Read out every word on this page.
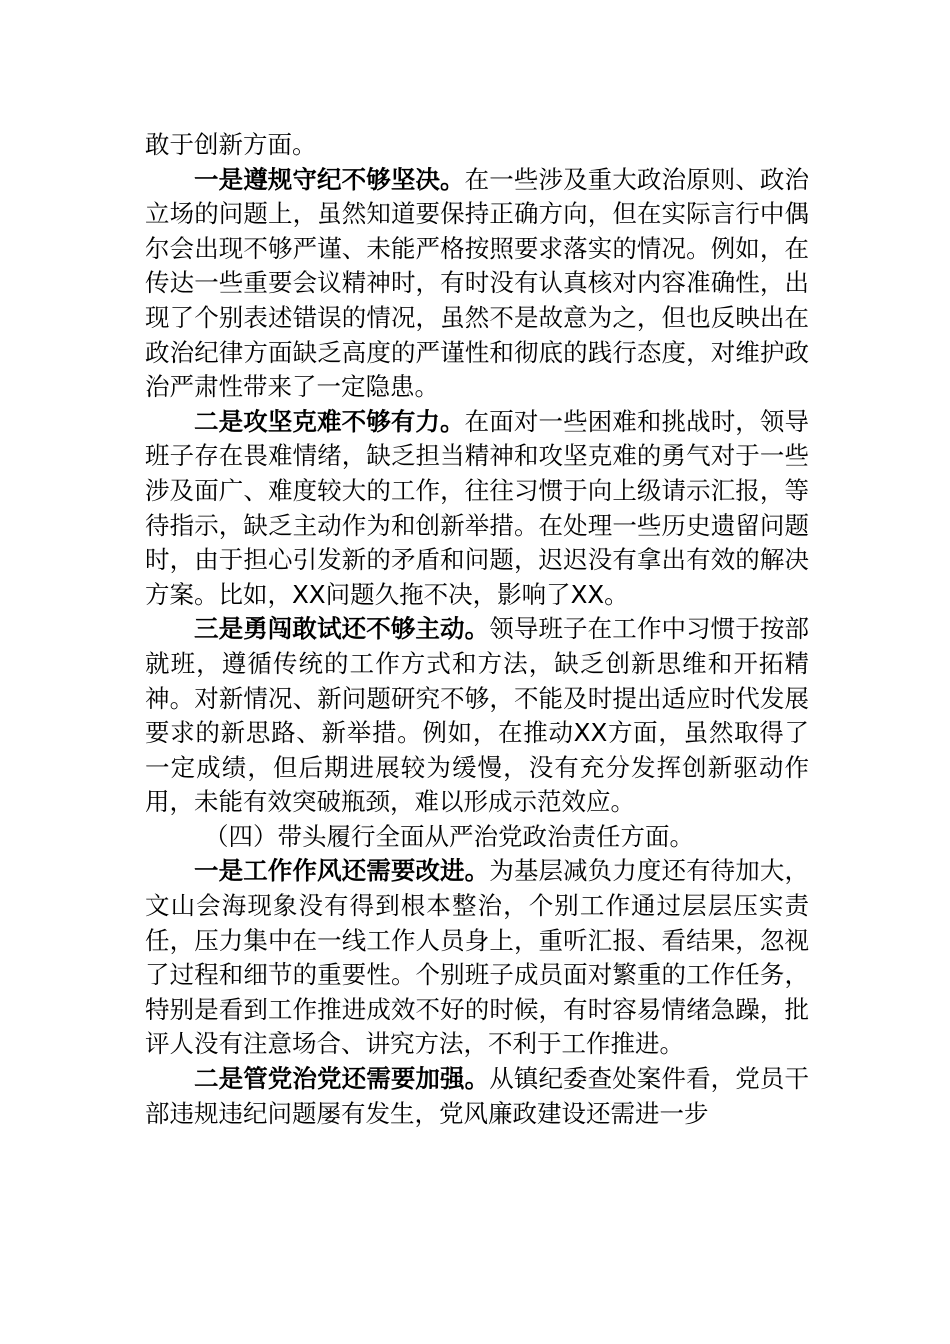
敢于创新方面。

一是遵规守纪不够坚决。在一些涉及重大政治原则、政治立场的问题上，虽然知道要保持正确方向，但在实际言行中偶尔会出现不够严谨、未能严格按照要求落实的情况。例如，在传达一些重要会议精神时，有时没有认真核对内容准确性，出现了个别表述错误的情况，虽然不是故意为之，但也反映出在政治纪律方面缺乏高度的严谨性和彻底的践行态度，对维护政治严肃性带来了一定隐患。

二是攻坚克难不够有力。在面对一些困难和挑战时，领导班子存在畏难情绪，缺乏担当精神和攻坚克难的勇气对于一些涉及面广、难度较大的工作，往往习惯于向上级请示汇报，等待指示，缺乏主动作为和创新举措。在处理一些历史遗留问题时，由于担心引发新的矛盾和问题，迟迟没有拿出有效的解决方案。比如，XX问题久拖不决，影响了XX。

三是勇闯敢试还不够主动。领导班子在工作中习惯于按部就班，遵循传统的工作方式和方法，缺乏创新思维和开拓精神。对新情况、新问题研究不够，不能及时提出适应时代发展要求的新思路、新举措。例如，在推动XX方面，虽然取得了一定成绩，但后期进展较为缓慢，没有充分发挥创新驱动作用，未能有效突破瓶颈，难以形成示范效应。

（四）带头履行全面从严治党政治责任方面。

一是工作作风还需要改进。为基层减负力度还有待加大，文山会海现象没有得到根本整治，个别工作通过层层压实责任，压力集中在一线工作人员身上，重听汇报、看结果，忽视了过程和细节的重要性。个别班子成员面对繁重的工作任务，特别是看到工作推进成效不好的时候，有时容易情绪急躁，批评人没有注意场合、讲究方法，不利于工作推进。

二是管党治党还需要加强。从镇纪委查处案件看，党员干部违规违纪问题屡有发生，党风廉政建设还需进一步
